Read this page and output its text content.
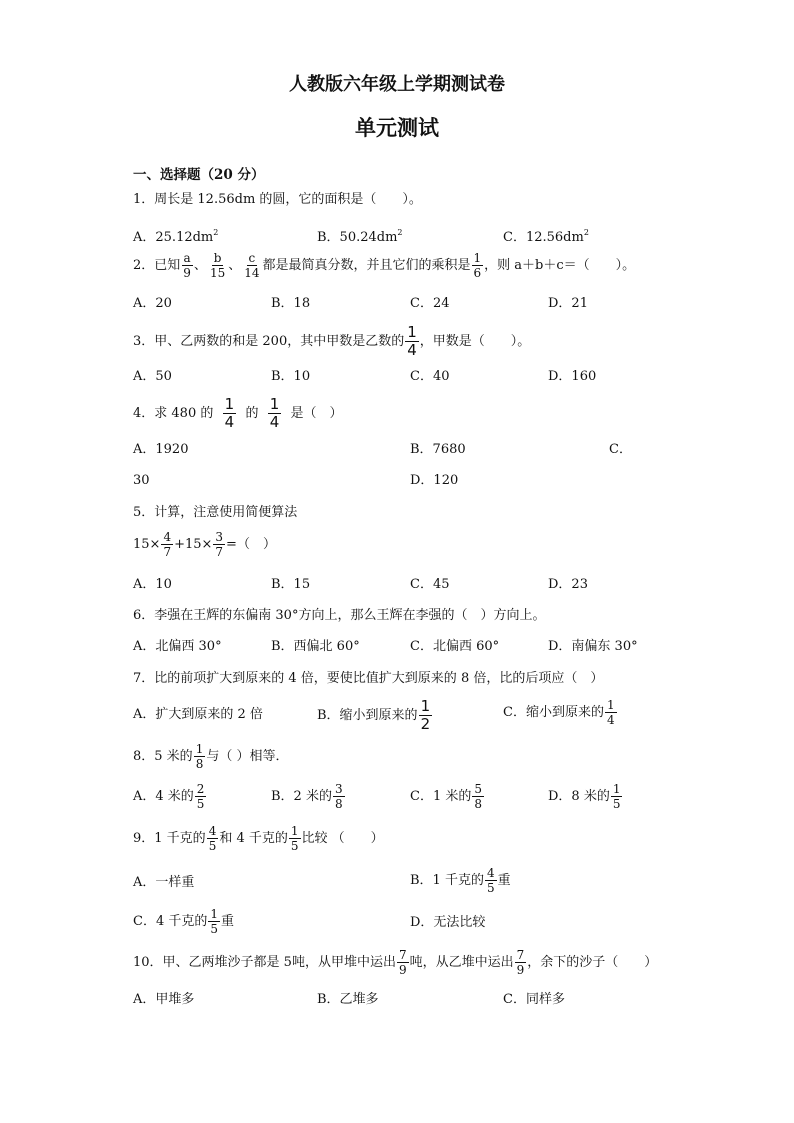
人教版六年级上学期测试卷
单元测试
一、选择题（20 分）
1．周长是 12.56dm 的圆，它的面积是（　　）。
A．$25.12dm^2$	B．$50.24dm^2$	C．$12.56dm^2$
2．已知 $\frac{a}{9}$ 、 $\frac{b}{15}$ 、 $\frac{c}{14}$ 都是最简真分数，并且它们的乘积是 $\frac{1}{6}$ ，则 a＋b＋c＝（　　）。
A．20	B．18	C．24	D．21
3．甲、乙两数的和是 200，其中甲数是乙数的 $\frac{1}{4}$ ，甲数是（　　）。
A．50	B．10	C．40	D．160
4．求 480 的 $\frac{1}{4}$ 的 $\frac{1}{4}$ 是（　）
A．1920	B．7680	C．
30	D．120
5．计算，注意使用简便算法
$15\times \frac{4}{7} +15\times \frac{3}{7}$ =（　）
A．10	B．15	C．45	D．23
6．李强在王辉的东偏南 30°方向上，那么王辉在李强的（　）方向上。
A．北偏西 30°	B．西偏北 60°	C．北偏西 60°	D．南偏东 30°
7．比的前项扩大到原来的 4 倍，要使比值扩大到原来的 8 倍，比的后项应（　）
A．扩大到原来的 2 倍	B．缩小到原来的 $\frac{1}{2}$	C．缩小到原来的 $\frac{1}{4}$
8．5 米的 $\frac{1}{8}$ 与（ ）相等．
A．4 米的 $\frac{2}{5}$	B．2 米的 $\frac{3}{8}$	C．1 米的 $\frac{5}{8}$	D．8 米的 $\frac{1}{5}$
9．1 千克的 $\frac{4}{5}$ 和 4 千克的 $\frac{1}{5}$ 比较 （　　）
A．一样重	B．1 千克的 $\frac{4}{5}$ 重
C．4 千克的 $\frac{1}{5}$ 重	D．无法比较
10．甲、乙两堆沙子都是 5吨，从甲堆中运出 $\frac{7}{9}$ 吨，从乙堆中运出 $\frac{7}{9}$ ，余下的沙子（　　）
A．甲堆多	B．乙堆多	C．同样多
